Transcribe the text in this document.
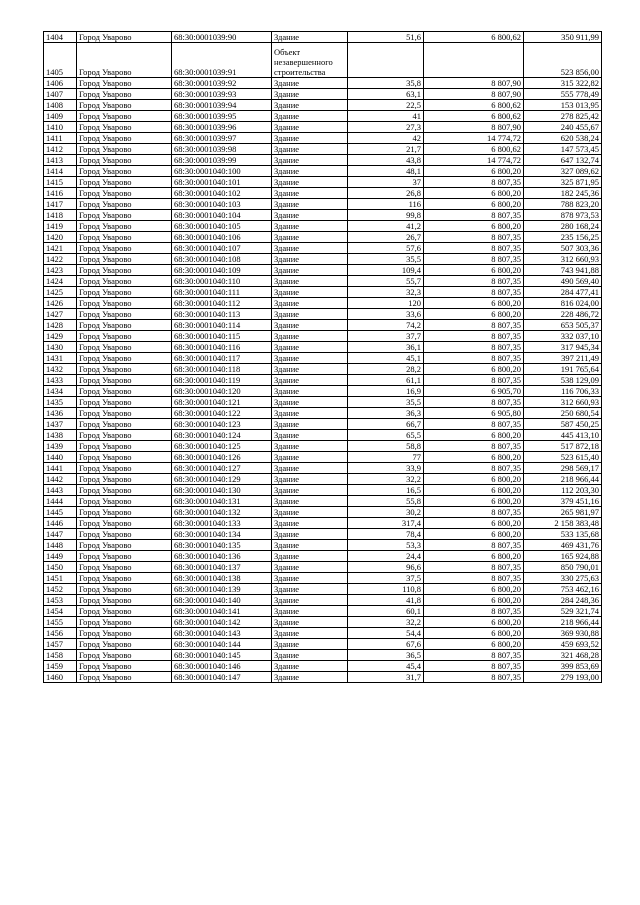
1404	Город Уварово	68:30:0001039:90	Здание	51,6	6 800,62	350 911,99
1405	Город Уварово	68:30:0001039:91	Объект незавершенного строительства			523 856,00
1406	Город Уварово	68:30:0001039:92	Здание	35,8	8 807,90	315 322,82
1407	Город Уварово	68:30:0001039:93	Здание	63,1	8 807,90	555 778,49
1408	Город Уварово	68:30:0001039:94	Здание	22,5	6 800,62	153 013,95
1409	Город Уварово	68:30:0001039:95	Здание	41	6 800,62	278 825,42
1410	Город Уварово	68:30:0001039:96	Здание	27,3	8 807,90	240 455,67
1411	Город Уварово	68:30:0001039:97	Здание	42	14 774,72	620 538,24
1412	Город Уварово	68:30:0001039:98	Здание	21,7	6 800,62	147 573,45
1413	Город Уварово	68:30:0001039:99	Здание	43,8	14 774,72	647 132,74
1414	Город Уварово	68:30:0001040:100	Здание	48,1	6 800,20	327 089,62
1415	Город Уварово	68:30:0001040:101	Здание	37	8 807,35	325 871,95
1416	Город Уварово	68:30:0001040:102	Здание	26,8	6 800,20	182 245,36
1417	Город Уварово	68:30:0001040:103	Здание	116	6 800,20	788 823,20
1418	Город Уварово	68:30:0001040:104	Здание	99,8	8 807,35	878 973,53
1419	Город Уварово	68:30:0001040:105	Здание	41,2	6 800,20	280 168,24
1420	Город Уварово	68:30:0001040:106	Здание	26,7	8 807,35	235 156,25
1421	Город Уварово	68:30:0001040:107	Здание	57,6	8 807,35	507 303,36
1422	Город Уварово	68:30:0001040:108	Здание	35,5	8 807,35	312 660,93
1423	Город Уварово	68:30:0001040:109	Здание	109,4	6 800,20	743 941,88
1424	Город Уварово	68:30:0001040:110	Здание	55,7	8 807,35	490 569,40
1425	Город Уварово	68:30:0001040:111	Здание	32,3	8 807,35	284 477,41
1426	Город Уварово	68:30:0001040:112	Здание	120	6 800,20	816 024,00
1427	Город Уварово	68:30:0001040:113	Здание	33,6	6 800,20	228 486,72
1428	Город Уварово	68:30:0001040:114	Здание	74,2	8 807,35	653 505,37
1429	Город Уварово	68:30:0001040:115	Здание	37,7	8 807,35	332 037,10
1430	Город Уварово	68:30:0001040:116	Здание	36,1	8 807,35	317 945,34
1431	Город Уварово	68:30:0001040:117	Здание	45,1	8 807,35	397 211,49
1432	Город Уварово	68:30:0001040:118	Здание	28,2	6 800,20	191 765,64
1433	Город Уварово	68:30:0001040:119	Здание	61,1	8 807,35	538 129,09
1434	Город Уварово	68:30:0001040:120	Здание	16,9	6 905,70	116 706,33
1435	Город Уварово	68:30:0001040:121	Здание	35,5	8 807,35	312 660,93
1436	Город Уварово	68:30:0001040:122	Здание	36,3	6 905,80	250 680,54
1437	Город Уварово	68:30:0001040:123	Здание	66,7	8 807,35	587 450,25
1438	Город Уварово	68:30:0001040:124	Здание	65,5	6 800,20	445 413,10
1439	Город Уварово	68:30:0001040:125	Здание	58,8	8 807,35	517 872,18
1440	Город Уварово	68:30:0001040:126	Здание	77	6 800,20	523 615,40
1441	Город Уварово	68:30:0001040:127	Здание	33,9	8 807,35	298 569,17
1442	Город Уварово	68:30:0001040:129	Здание	32,2	6 800,20	218 966,44
1443	Город Уварово	68:30:0001040:130	Здание	16,5	6 800,20	112 203,30
1444	Город Уварово	68:30:0001040:131	Здание	55,8	6 800,20	379 451,16
1445	Город Уварово	68:30:0001040:132	Здание	30,2	8 807,35	265 981,97
1446	Город Уварово	68:30:0001040:133	Здание	317,4	6 800,20	2 158 383,48
1447	Город Уварово	68:30:0001040:134	Здание	78,4	6 800,20	533 135,68
1448	Город Уварово	68:30:0001040:135	Здание	53,3	8 807,35	469 431,76
1449	Город Уварово	68:30:0001040:136	Здание	24,4	6 800,20	165 924,88
1450	Город Уварово	68:30:0001040:137	Здание	96,6	8 807,35	850 790,01
1451	Город Уварово	68:30:0001040:138	Здание	37,5	8 807,35	330 275,63
1452	Город Уварово	68:30:0001040:139	Здание	110,8	6 800,20	753 462,16
1453	Город Уварово	68:30:0001040:140	Здание	41,8	6 800,20	284 248,36
1454	Город Уварово	68:30:0001040:141	Здание	60,1	8 807,35	529 321,74
1455	Город Уварово	68:30:0001040:142	Здание	32,2	6 800,20	218 966,44
1456	Город Уварово	68:30:0001040:143	Здание	54,4	6 800,20	369 930,88
1457	Город Уварово	68:30:0001040:144	Здание	67,6	6 800,20	459 693,52
1458	Город Уварово	68:30:0001040:145	Здание	36,5	8 807,35	321 468,28
1459	Город Уварово	68:30:0001040:146	Здание	45,4	8 807,35	399 853,69
1460	Город Уварово	68:30:0001040:147	Здание	31,7	8 807,35	279 193,00
